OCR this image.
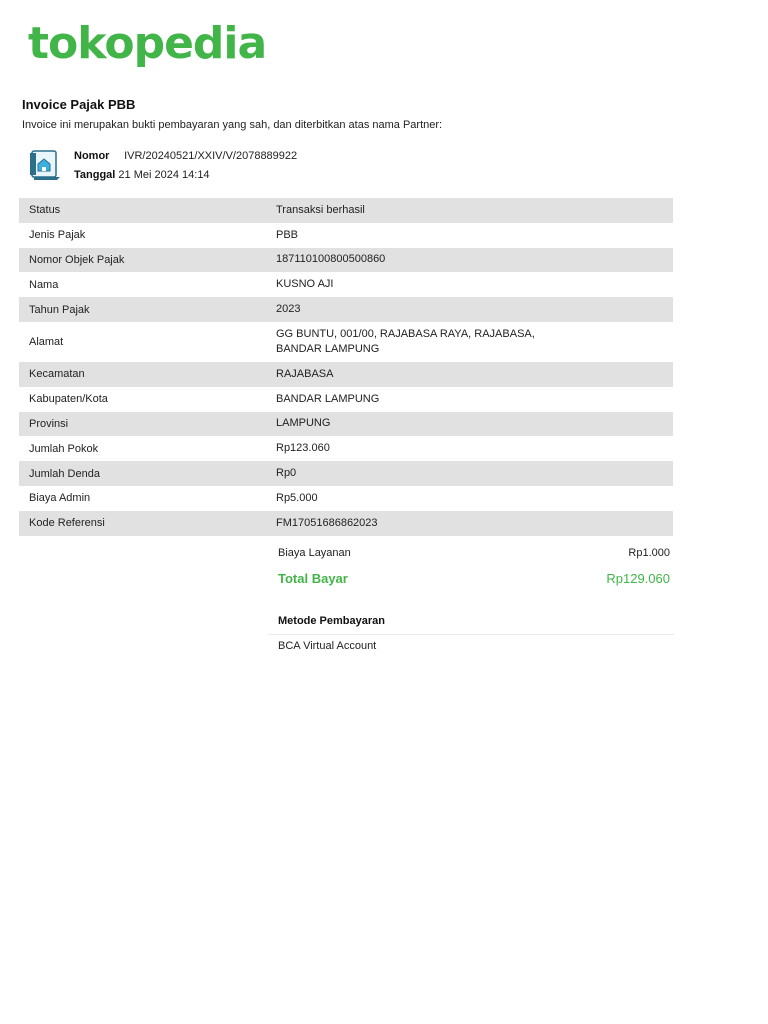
tokopedia
Invoice Pajak PBB
Invoice ini merupakan bukti pembayaran yang sah, dan diterbitkan atas nama Partner:
Nomor IVR/20240521/XXIV/V/2078889922
Tanggal 21 Mei 2024 14:14
Status	Transaksi berhasil

Jenis Pajak	PBB

Nomor Objek Pajak	187110100800500860

Nama	KUSNO AJI

Tahun Pajak	2023

Alamat	GG BUNTU, 001/00, RAJABASA RAYA, RAJABASA,
BANDAR LAMPUNG

Kecamatan	RAJABASA

Kabupaten/Kota	BANDAR LAMPUNG

Provinsi	LAMPUNG

Jumlah Pokok	Rp123.060

Jumlah Denda	Rp0

Biaya Admin	Rp5.000

Kode Referensi	FM17051686862023
Biaya Layanan	Rp1.000
Total Bayar	Rp129.060
Metode Pembayaran
BCA Virtual Account
